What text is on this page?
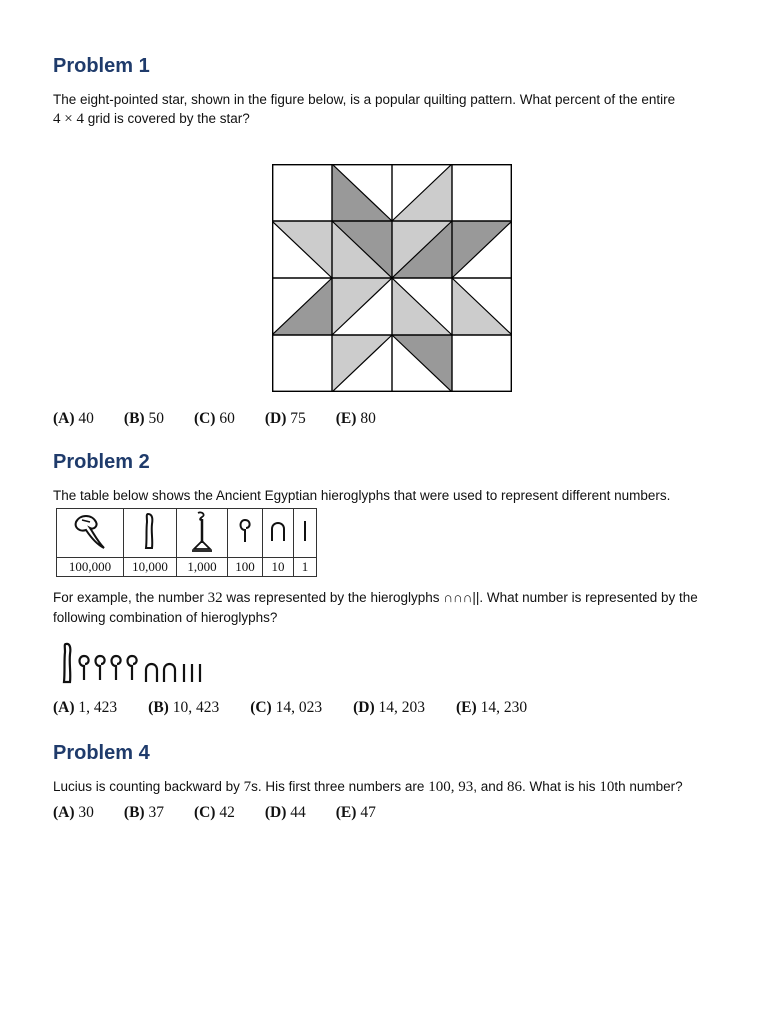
Problem 1

The eight-pointed star, shown in the figure below, is a popular quilting pattern. What percent of the entire
4 × 4 grid is covered by the star?

(A) 40 (B) 50 (C) 60 (D) 75 (E) 80
Problem 2

The table below shows the Ancient Egyptian hieroglyphs that were used to represent different numbers.

100,000	10,000	1,000	100	10	1

For example, the number 32 was represented by the hieroglyphs ∩∩∩||. What number is represented by the following combination of hieroglyphs?

(A) 1, 423 (B) 10, 423 (C) 14, 023 (D) 14, 203 (E) 14, 230
Problem 4

Lucius is counting backward by 7s. His first three numbers are 100, 93, and 86. What is his 10th number?

(A) 30 (B) 37 (C) 42 (D) 44 (E) 47
